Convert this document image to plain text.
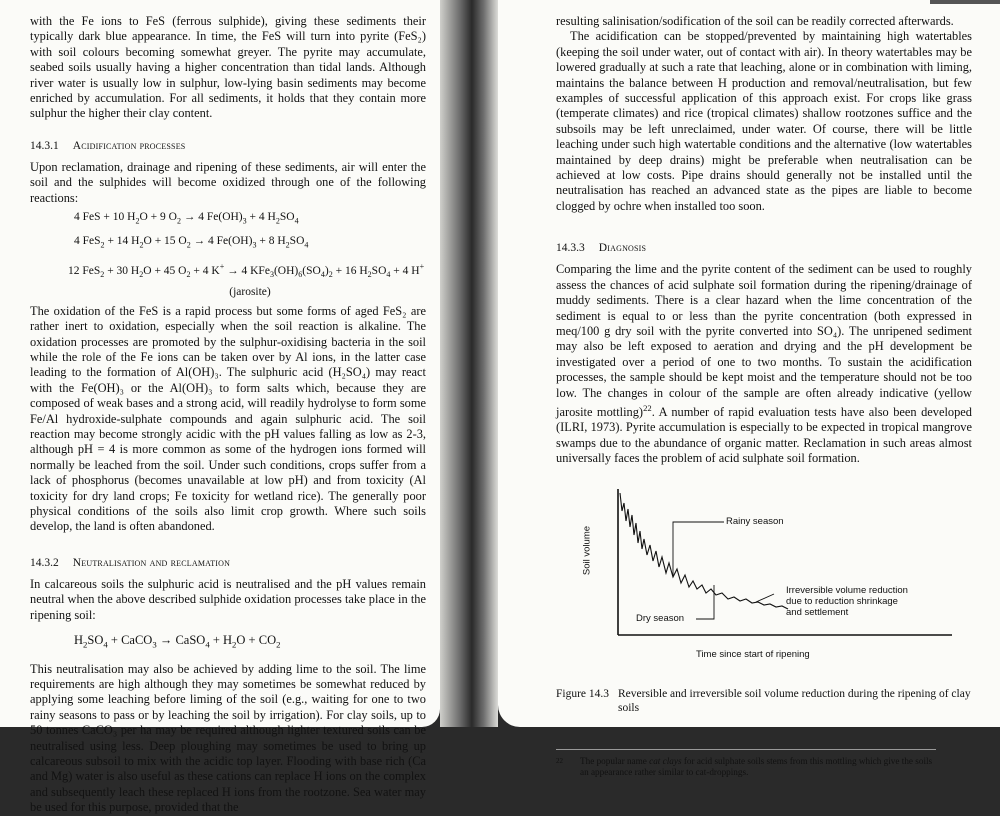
with the Fe ions to FeS (ferrous sulphide), giving these sediments their typically dark blue appearance. In time, the FeS will turn into pyrite (FeS₂) with soil colours becoming somewhat greyer. The pyrite may accumulate, seabed soils usually having a higher concentration than tidal lands. Although river water is usually low in sulphur, low-lying basin sediments may become enriched by accumulation. For all sediments, it holds that they contain more sulphur the higher their clay content.

14.3.1 Acidification processes

Upon reclamation, drainage and ripening of these sediments, air will enter the soil and the sulphides will become oxidized through one of the following reactions:

4 FeS + 10 $H_2O + 9$ $O_2 \to 4$ $Fe(OH)_3 + 4$ $H_2SO_4$
4 FeS$_2$ + 14 $H_2O + 15$ $O_2 \to 4$ $Fe(OH)_3 + 8$ $H_2SO_4$
12 FeS$_2$ + 30 $H_2O + 45$ $O_2 + 4$ K+ → 4 $KFe_3(OH)_6(SO_4)_2 + 16$ $H_2SO_4 + 4$ H+
(jarosite)

The oxidation of the FeS is a rapid process but some forms of aged FeS₂ are rather inert to oxidation, especially when the soil reaction is alkaline. The oxidation processes are promoted by the sulphur-oxidising bacteria in the soil while the role of the Fe ions can be taken over by Al ions, in the latter case leading to the formation of Al(OH)₃. The sulphuric acid (H₂SO₄) may react with the Fe(OH)₃ or the Al(OH)₃ to form salts which, because they are composed of weak bases and a strong acid, will readily hydrolyse to form some Fe/Al hydroxide-sulphate compounds and again sulphuric acid. The soil reaction may become strongly acidic with the pH values falling as low as 2-3, although pH = 4 is more common as some of the hydrogen ions formed will normally be leached from the soil. Under such conditions, crops suffer from a lack of phosphorus (becomes unavailable at low pH) and from toxicity (Al toxicity for dry land crops; Fe toxicity for wetland rice). The generally poor physical conditions of the soils also limit crop growth. Where such soils develop, the land is often abandoned.

14.3.2 Neutralisation and reclamation

In calcareous soils the sulphuric acid is neutralised and the pH values remain neutral when the above described sulphide oxidation processes take place in the ripening soil:

$H_2SO_4$ + CaCO$_3$ → CaSO$_4$ + $H_2O + CO_2$

This neutralisation may also be achieved by adding lime to the soil. The lime requirements are high although they may sometimes be somewhat reduced by applying some leaching before liming of the soil (e.g., waiting for one to two rainy seasons to pass or by leaching the soil by irrigation). For clay soils, up to 50 tonnes CaCO₃ per ha may be required although lighter textured soils can be neutralised using less. Deep ploughing may sometimes be used to bring up calcareous subsoil to mix with the acidic top layer. Flooding with base rich (Ca and Mg) water is also useful as these cations can replace H ions on the complex and subsequently leach these replaced H ions from the rootzone. Sea water may be used for this purpose, provided that the

resulting salinisation/sodification of the soil can be readily corrected afterwards.

The acidification can be stopped/prevented by maintaining high watertables (keeping the soil under water, out of contact with air). In theory watertables may be lowered gradually at such a rate that leaching, alone or in combination with liming, maintains the balance between H production and removal/neutralisation, but few examples of successful application of this approach exist. For crops like grass (temperate climates) and rice (tropical climates) shallow rootzones suffice and the subsoils may be left unreclaimed, under water. Of course, there will be little leaching under such high watertable conditions and the alternative (low watertables maintained by deep drains) might be preferable when neutralisation can be achieved at low costs. Pipe drains should generally not be installed until the neutralisation has reached an advanced state as the pipes are liable to become clogged by ochre when installed too soon.

14.3.3 Diagnosis

Comparing the lime and the pyrite content of the sediment can be used to roughly assess the chances of acid sulphate soil formation during the ripening/drainage of muddy sediments. There is a clear hazard when the lime concentration of the sediment is equal to or less than the pyrite concentration (both expressed in meq/100 g dry soil with the pyrite converted into SO₄). The unripened sediment may also be left exposed to aeration and drying and the pH development be investigated over a period of one to two months. To sustain the acidification processes, the sample should be kept moist and the temperature should not be too low. The changes in colour of the sample are often already indicative (yellow jarosite mottling)$^{22}$. A number of rapid evaluation tests have also been developed (ILRI, 1973). Pyrite accumulation is especially to be expected in tropical mangrove swamps due to the abundance of organic matter. Reclamation in such areas almost universally faces the problem of acid sulphate soil formation.

Soil volume
Rainy season
Dry season
Irreversible volume reduction due to reduction shrinkage and settlement
Time since start of ripening
Figure 14.3 Reversible and irreversible soil volume reduction during the ripening of clay soils
22	The popular name cat clays for acid sulphate soils stems from this mottling which give the soils an appearance rather similar to cat-droppings.
